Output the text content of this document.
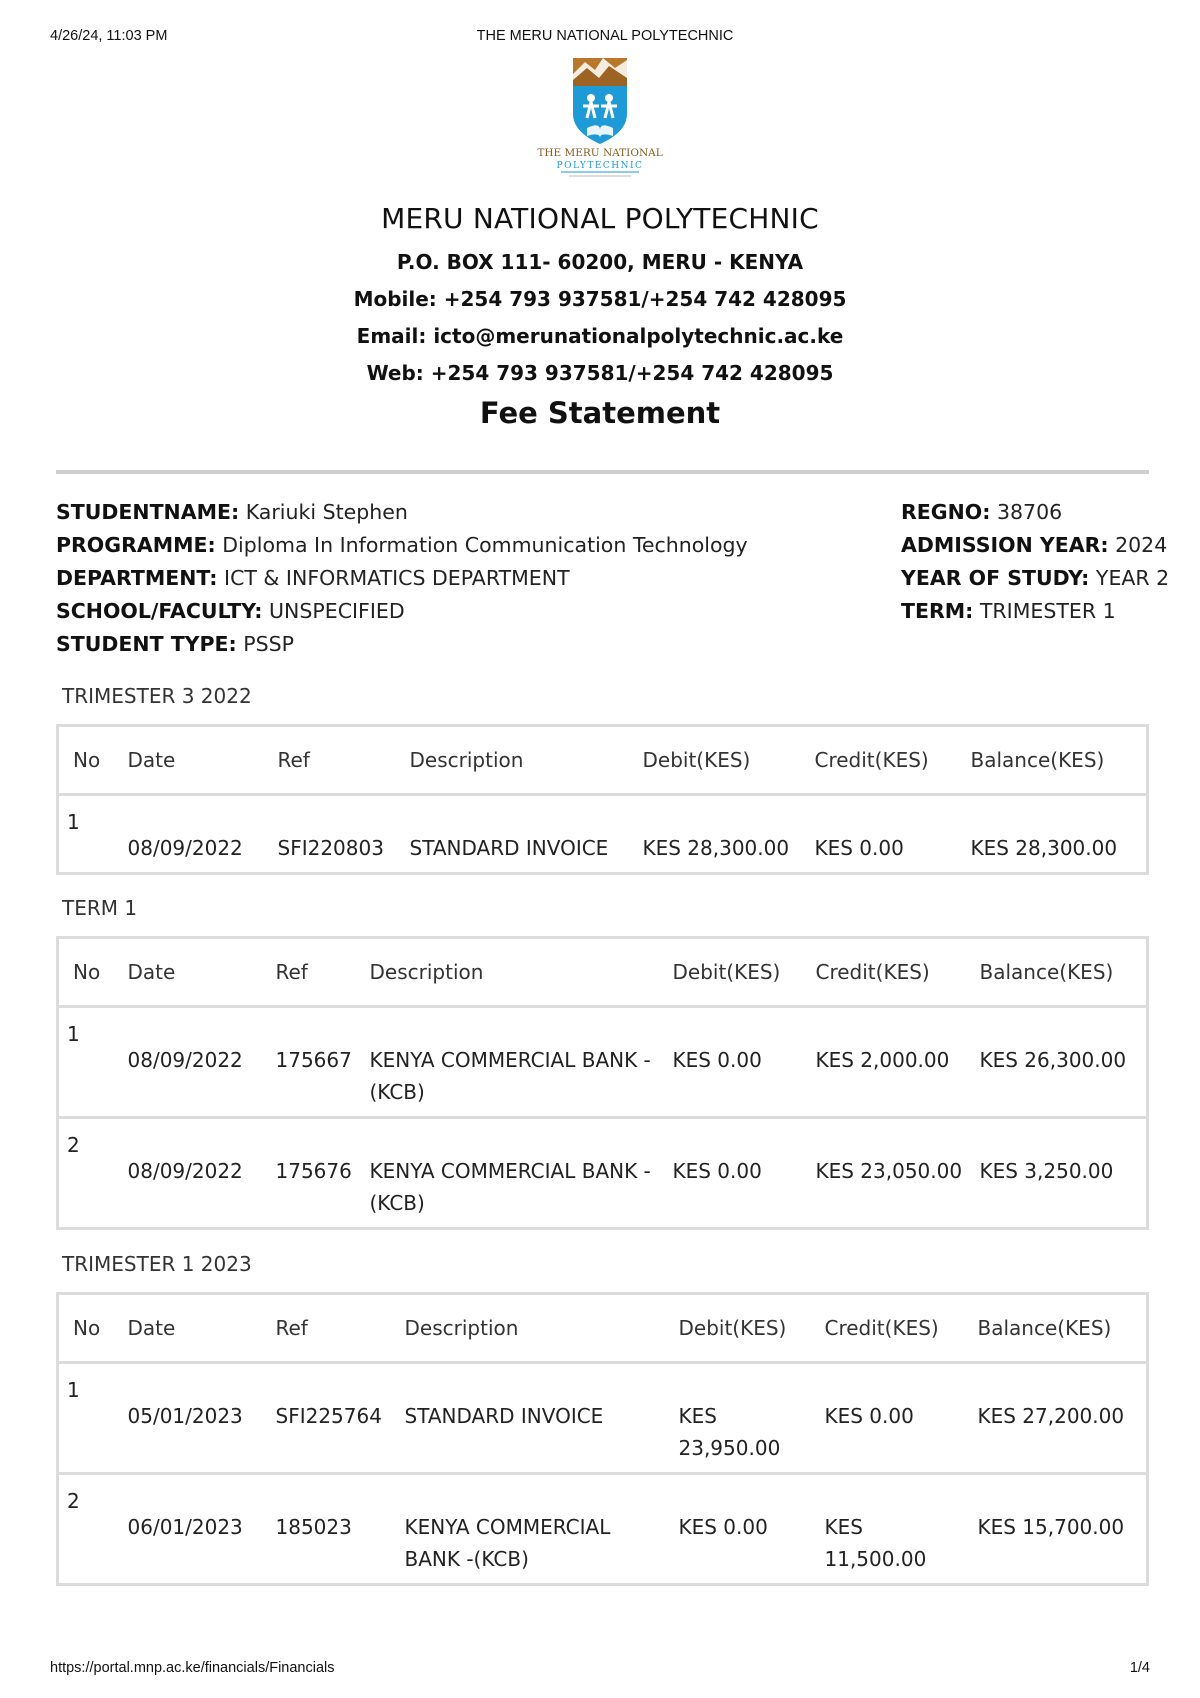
4/26/24, 11:03 PM	THE MERU NATIONAL POLYTECHNIC
THE MERU NATIONAL
POLYTECHNIC
MERU NATIONAL POLYTECHNIC
P.O. BOX 111- 60200, MERU - KENYA
Mobile: +254 793 937581/+254 742 428095
Email: icto@merunationalpolytechnic.ac.ke
Web: +254 793 937581/+254 742 428095
Fee Statement
STUDENTNAME: Kariuki Stephen
PROGRAMME: Diploma In Information Communication Technology
DEPARTMENT: ICT & INFORMATICS DEPARTMENT
SCHOOL/FACULTY: UNSPECIFIED
STUDENT TYPE: PSSP
REGNO: 38706
ADMISSION YEAR: 2024
YEAR OF STUDY: YEAR 2
TERM: TRIMESTER 1
TRIMESTER 3 2022
No	Date	Ref	Description	Debit(KES)	Credit(KES)	Balance(KES)
1	08/09/2022	SFI220803	STANDARD INVOICE	KES 28,300.00	KES 0.00	KES 28,300.00
TERM 1
No	Date	Ref	Description	Debit(KES)	Credit(KES)	Balance(KES)
1	08/09/2022	175667	KENYA COMMERCIAL BANK -(KCB)	KES 0.00	KES 2,000.00	KES 26,300.00
2	08/09/2022	175676	KENYA COMMERCIAL BANK -(KCB)	KES 0.00	KES 23,050.00	KES 3,250.00
TRIMESTER 1 2023
No	Date	Ref	Description	Debit(KES)	Credit(KES)	Balance(KES)
1	05/01/2023	SFI225764	STANDARD INVOICE	KES 23,950.00	KES 0.00	KES 27,200.00
2	06/01/2023	185023	KENYA COMMERCIAL BANK -(KCB)	KES 0.00	KES 11,500.00	KES 15,700.00
https://portal.mnp.ac.ke/financials/Financials	1/4
